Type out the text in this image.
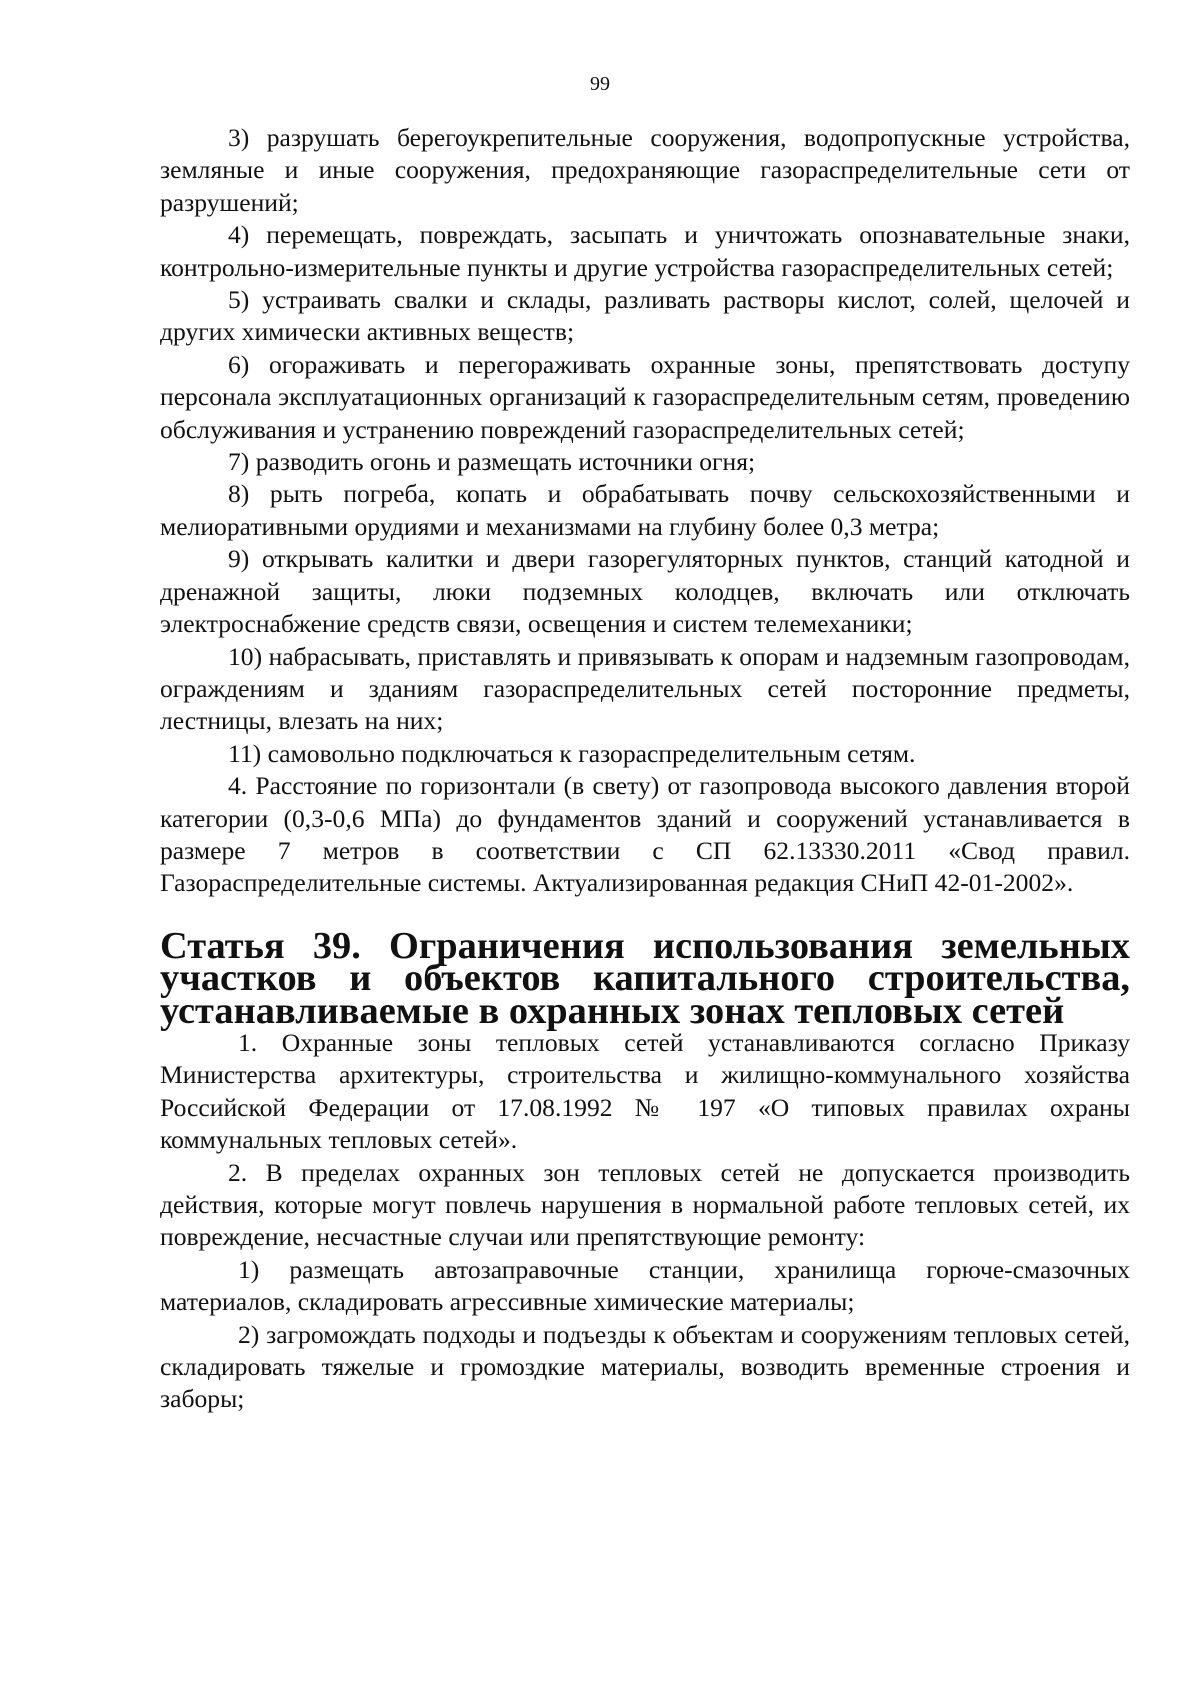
99

3) разрушать берегоукрепительные сооружения, водопропускные устройства, земляные и иные сооружения, предохраняющие газораспределительные сети от разрушений;

4) перемещать, повреждать, засыпать и уничтожать опознавательные знаки, контрольно-измерительные пункты и другие устройства газораспределительных сетей;

5) устраивать свалки и склады, разливать растворы кислот, солей, щелочей и других химически активных веществ;

6) огораживать и перегораживать охранные зоны, препятствовать доступу персонала эксплуатационных организаций к газораспределительным сетям, проведению обслуживания и устранению повреждений газораспределительных сетей;

7) разводить огонь и размещать источники огня;

8) рыть погреба, копать и обрабатывать почву сельскохозяйственными и мелиоративными орудиями и механизмами на глубину более 0,3 метра;

9) открывать калитки и двери газорегуляторных пунктов, станций катодной и дренажной защиты, люки подземных колодцев, включать или отключать электроснабжение средств связи, освещения и систем телемеханики;

10) набрасывать, приставлять и привязывать к опорам и надземным газопроводам, ограждениям и зданиям газораспределительных сетей посторонние предметы, лестницы, влезать на них;

11) самовольно подключаться к газораспределительным сетям.

4. Расстояние по горизонтали (в свету) от газопровода высокого давления второй категории (0,3-0,6 МПа) до фундаментов зданий и сооружений устанавливается в размере 7 метров в соответствии с СП 62.13330.2011 «Свод правил. Газораспределительные системы. Актуализированная редакция СНиП 42-01-2002».

Статья 39. Ограничения использования земельных участков и объектов капитального строительства, устанавливаемые в охранных зонах тепловых сетей

1. Охранные зоны тепловых сетей устанавливаются согласно Приказу Министерства архитектуры, строительства и жилищно-коммунального хозяйства Российской Федерации от 17.08.1992 № 197 «О типовых правилах охраны коммунальных тепловых сетей».

2. В пределах охранных зон тепловых сетей не допускается производить действия, которые могут повлечь нарушения в нормальной работе тепловых сетей, их повреждение, несчастные случаи или препятствующие ремонту:

1) размещать автозаправочные станции, хранилища горюче-смазочных материалов, складировать агрессивные химические материалы;

2) загромождать подходы и подъезды к объектам и сооружениям тепловых сетей, складировать тяжелые и громоздкие материалы, возводить временные строения и заборы;
